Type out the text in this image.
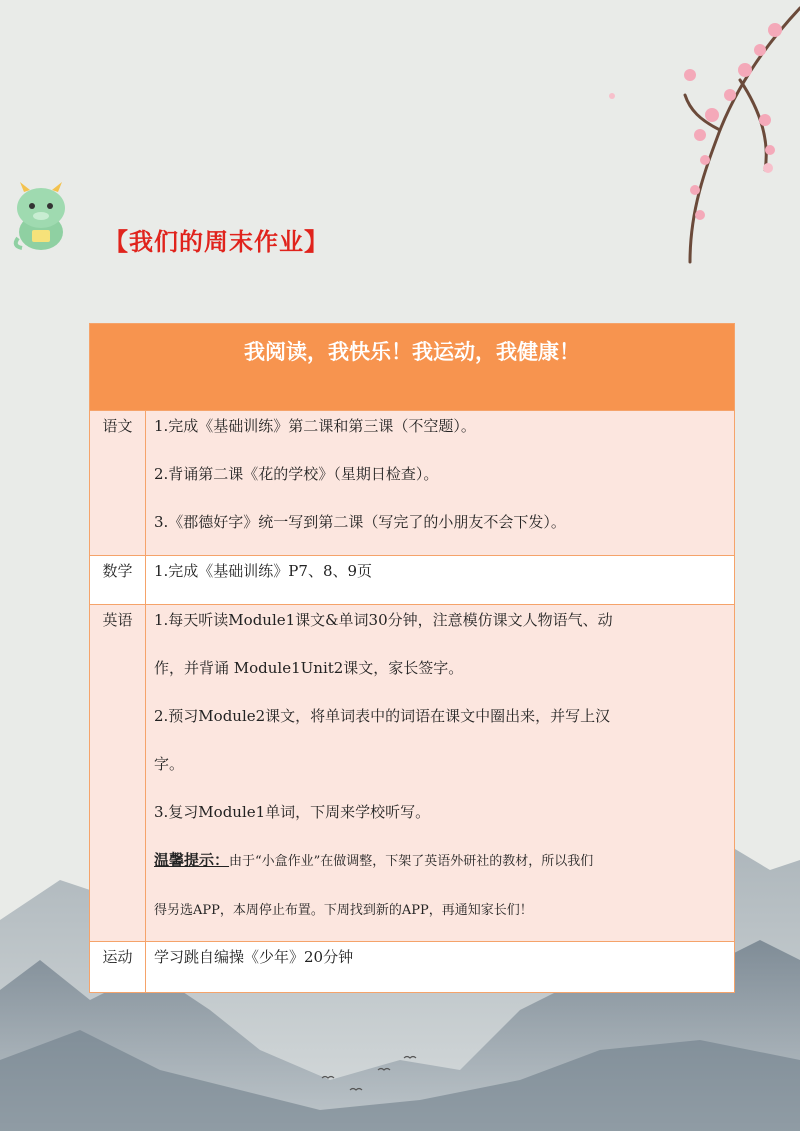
【我们的周末作业】
我阅读，我快乐！我运动，我健康！
语文	1.完成《基础训练》第二课和第三课（不空题）。
2.背诵第二课《花的学校》（星期日检查）。
3.《郡德好字》统一写到第二课（写完了的小朋友不会下发）。
数学	1.完成《基础训练》P7、8、9页
英语	1.每天听读Module1课文&单词30分钟，注意模仿课文人物语气、动
作，并背诵 Module1Unit2课文，家长签字。
2.预习Module2课文，将单词表中的词语在课文中圈出来，并写上汉
字。
3.复习Module1单词，下周来学校听写。
温馨提示：由于“小盒作业”在做调整，下架了英语外研社的教材，所以我们
得另选APP，本周停止布置。下周找到新的APP，再通知家长们！
运动	学习跳自编操《少年》20分钟
